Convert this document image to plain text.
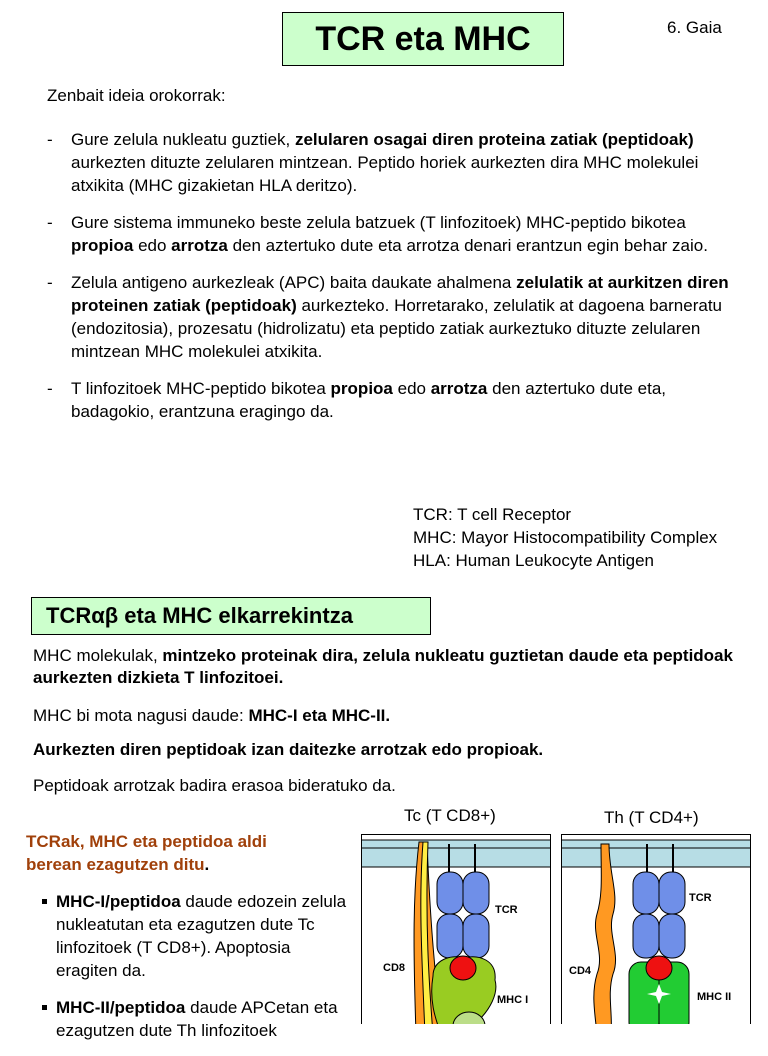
TCR eta MHC	6. Gaia
Zenbait ideia orokorrak:
- Gure zelula nukleatu guztiek, zelularen osagai diren proteina zatiak (peptidoak) aurkezten dituzte zelularen mintzean. Peptido horiek aurkezten dira MHC molekulei atxikita (MHC gizakietan HLA deritzo).
- Gure sistema immuneko beste zelula batzuek (T linfozitoek) MHC-peptido bikotea propioa edo arrotza den aztertuko dute eta arrotza denari erantzun egin behar zaio.
- Zelula antigeno aurkezleak (APC) baita daukate ahalmena zelulatik at aurkitzen diren proteinen zatiak (peptidoak) aurkezteko. Horretarako, zelulatik at dagoena barneratu (endozitosia), prozesatu (hidrolizatu) eta peptido zatiak aurkeztuko dituzte zelularen mintzean MHC molekulei atxikita.
- T linfozitoek MHC-peptido bikotea propioa edo arrotza den aztertuko dute eta, badagokio, erantzuna eragingo da.
TCR: T cell Receptor
MHC: Mayor Histocompatibility Complex
HLA: Human Leukocyte Antigen
TCRαβ eta MHC elkarrekintza
MHC molekulak, mintzeko proteinak dira, zelula nukleatu guztietan daude eta peptidoak aurkezten dizkieta T linfozitoei.
MHC bi mota nagusi daude: MHC-I eta MHC-II.
Aurkezten diren peptidoak izan daitezke arrotzak edo propioak.
Peptidoak arrotzak badira erasoa bideratuko da.
TCRak, MHC eta peptidoa aldi berean ezagutzen ditu.
MHC-I/peptidoa daude edozein zelula nukleatutan eta ezagutzen dute Tc linfozitoek (T CD8+). Apoptosia eragiten da.
MHC-II/peptidoa daude APCetan eta ezagutzen dute Th linfozitoek
Tc (T CD8+)	Th (T CD4+)
TCR
CD8
MHC I
TCR
CD4
MHC II
